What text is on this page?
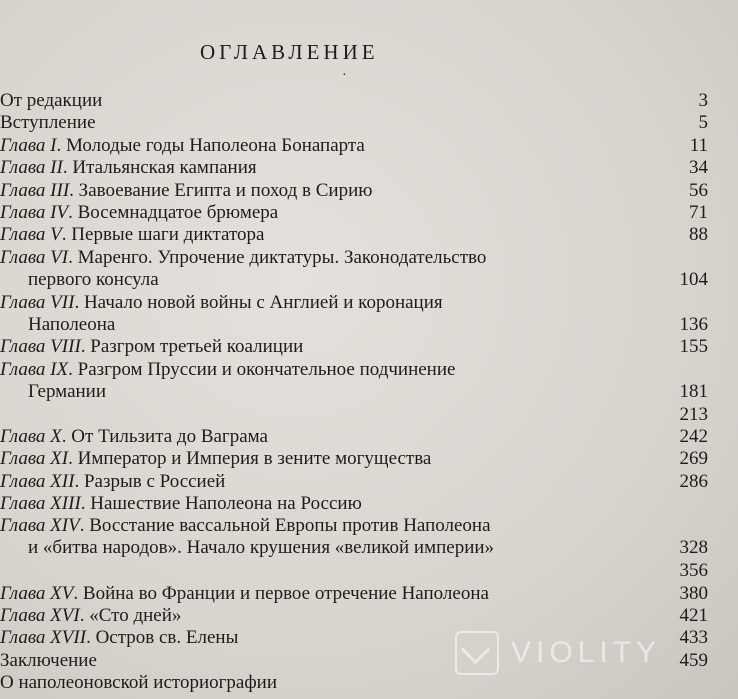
ОГЛАВЛЕНИЕ
·
От редакции	3
Вступление	5
Глава I. Молодые годы Наполеона Бонапарта	11
Глава II. Итальянская кампания	34
Глава III. Завоевание Египта и поход в Сирию	56
Глава IV. Восемнадцатое брюмера	71
Глава V. Первые шаги диктатора	88
Глава VI. Маренго. Упрочение диктатуры. Законодательство
первого консула	104
Глава VII. Начало новой войны с Англией и коронация
Наполеона	136
Глава VIII. Разгром третьей коалиции	155
Глава IX. Разгром Пруссии и окончательное подчинение
Германии	181
213
Глава X. От Тильзита до Ваграма	242
Глава XI. Император и Империя в зените могущества	269
Глава XII. Разрыв с Россией	286
Глава XIII. Нашествие Наполеона на Россию
Глава XIV. Восстание вассальной Европы против Наполеона
и «битва народов». Начало крушения «великой империи»	328
356
Глава XV. Война во Франции и первое отречение Наполеона	380
Глава XVI. «Сто дней»	421
Глава XVII. Остров св. Елены	433
Заключение	459
О наполеоновской историографии
VIOLITY
